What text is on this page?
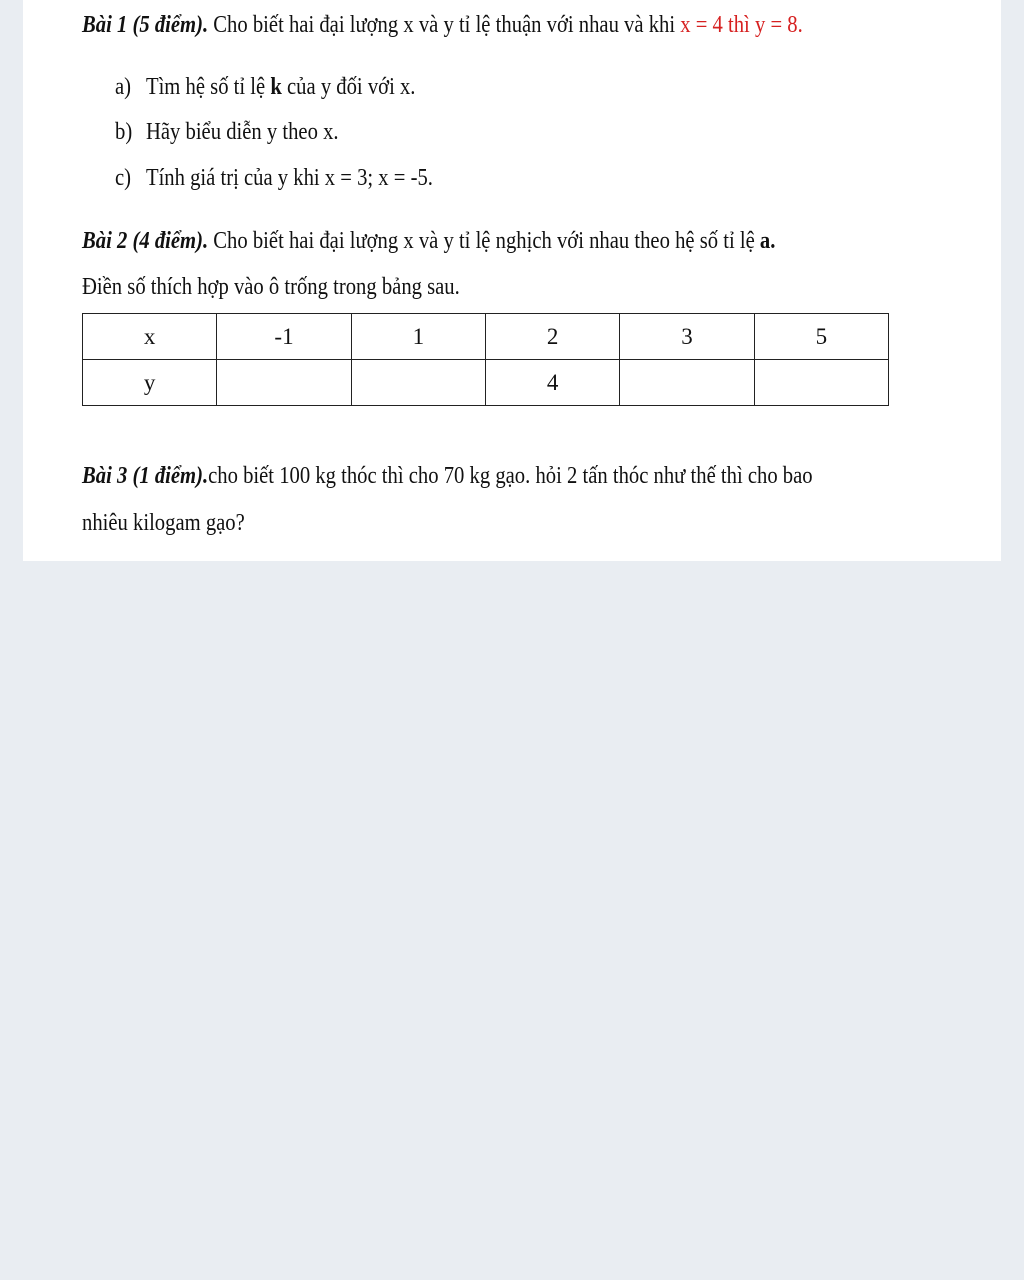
Bài 1 (5 điểm). Cho biết hai đại lượng x và y tỉ lệ thuận với nhau và khi x = 4 thì y = 8.
a) Tìm hệ số tỉ lệ k của y đối với x.
b) Hãy biểu diễn y theo x.
c) Tính giá trị của y khi x = 3; x = -5.
Bài 2 (4 điểm). Cho biết hai đại lượng x và y tỉ lệ nghịch với nhau theo hệ số tỉ lệ a.
Điền số thích hợp vào ô trống trong bảng sau.
x	-1	1	2	3	5
y			4		
Bài 3 (1 điểm).cho biết 100 kg thóc thì cho 70 kg gạo. hỏi 2 tấn thóc như thế thì cho bao
nhiêu kilogam gạo?
